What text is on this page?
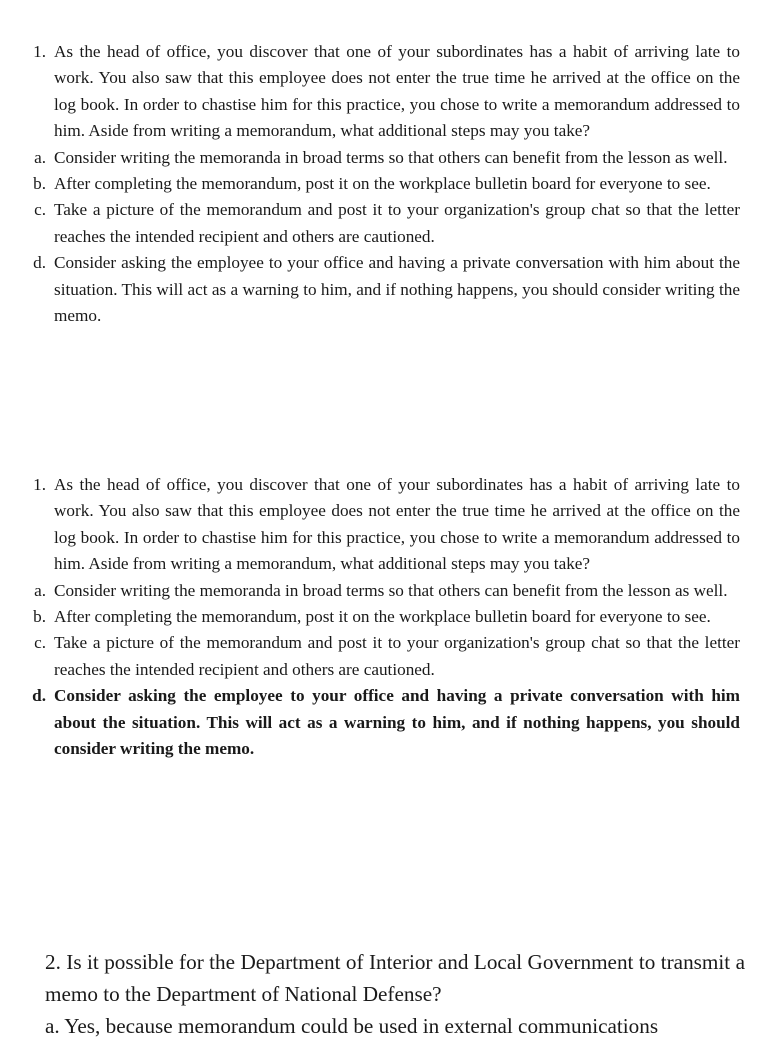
1. As the head of office, you discover that one of your subordinates has a habit of arriving late to work. You also saw that this employee does not enter the true time he arrived at the office on the log book. In order to chastise him for this practice, you chose to write a memorandum addressed to him. Aside from writing a memorandum, what additional steps may you take?
a. Consider writing the memoranda in broad terms so that others can benefit from the lesson as well.
b. After completing the memorandum, post it on the workplace bulletin board for everyone to see.
c. Take a picture of the memorandum and post it to your organization's group chat so that the letter reaches the intended recipient and others are cautioned.
d. Consider asking the employee to your office and having a private conversation with him about the situation. This will act as a warning to him, and if nothing happens, you should consider writing the memo.
1. As the head of office, you discover that one of your subordinates has a habit of arriving late to work. You also saw that this employee does not enter the true time he arrived at the office on the log book. In order to chastise him for this practice, you chose to write a memorandum addressed to him. Aside from writing a memorandum, what additional steps may you take?
a. Consider writing the memoranda in broad terms so that others can benefit from the lesson as well.
b. After completing the memorandum, post it on the workplace bulletin board for everyone to see.
c. Take a picture of the memorandum and post it to your organization's group chat so that the letter reaches the intended recipient and others are cautioned.
d. Consider asking the employee to your office and having a private conversation with him about the situation. This will act as a warning to him, and if nothing happens, you should consider writing the memo.
2. Is it possible for the Department of Interior and Local Government to transmit a memo to the Department of National Defense?
a. Yes, because memorandum could be used in external communications
